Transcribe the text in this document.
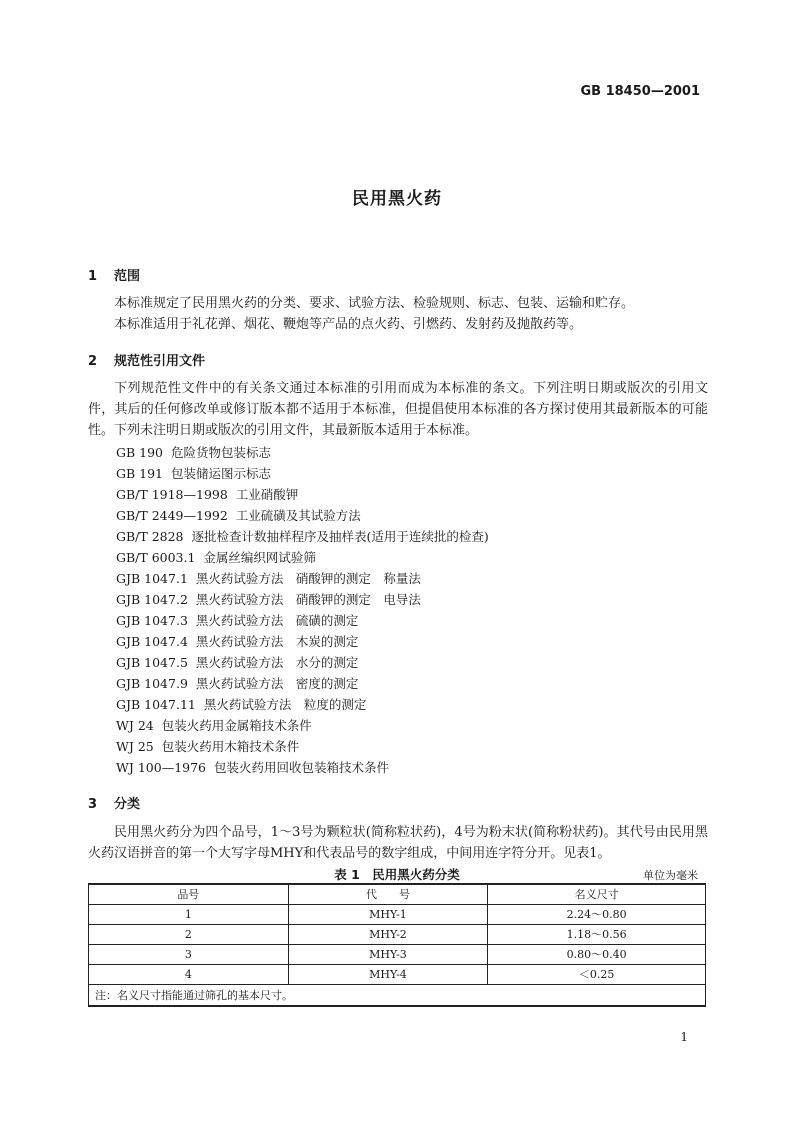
GB 18450—2001
民用黑火药
1 范围
本标准规定了民用黑火药的分类、要求、试验方法、检验规则、标志、包装、运输和贮存。
本标准适用于礼花弹、烟花、鞭炮等产品的点火药、引燃药、发射药及抛散药等。
2 规范性引用文件
下列规范性文件中的有关条文通过本标准的引用而成为本标准的条文。下列注明日期或版次的引用文件，其后的任何修改单或修订版本都不适用于本标准，但提倡使用本标准的各方探讨使用其最新版本的可能性。下列未注明日期或版次的引用文件，其最新版本适用于本标准。
GB 190 危险货物包装标志
GB 191 包装储运图示标志
GB/T 1918—1998 工业硝酸钾
GB/T 2449—1992 工业硫磺及其试验方法
GB/T 2828 逐批检查计数抽样程序及抽样表(适用于连续批的检查)
GB/T 6003.1 金属丝编织网试验筛
GJB 1047.1 黑火药试验方法　硝酸钾的测定　称量法
GJB 1047.2 黑火药试验方法　硝酸钾的测定　电导法
GJB 1047.3 黑火药试验方法　硫磺的测定
GJB 1047.4 黑火药试验方法　木炭的测定
GJB 1047.5 黑火药试验方法　水分的测定
GJB 1047.9 黑火药试验方法　密度的测定
GJB 1047.11 黑火药试验方法　粒度的测定
WJ 24 包装火药用金属箱技术条件
WJ 25 包装火药用木箱技术条件
WJ 100—1976 包装火药用回收包装箱技术条件
3 分类
民用黑火药分为四个品号，1～3号为颗粒状(简称粒状药)，4号为粉末状(简称粉状药)。其代号由民用黑火药汉语拼音的第一个大写字母MHY和代表品号的数字组成，中间用连字符分开。见表1。
表 1　民用黑火药分类	单位为毫米
品号	代　　号	名义尺寸
1	MHY-1	2.24～0.80
2	MHY-2	1.18～0.56
3	MHY-3	0.80～0.40
4	MHY-4	＜0.25
注：名义尺寸指能通过筛孔的基本尺寸。		
1
